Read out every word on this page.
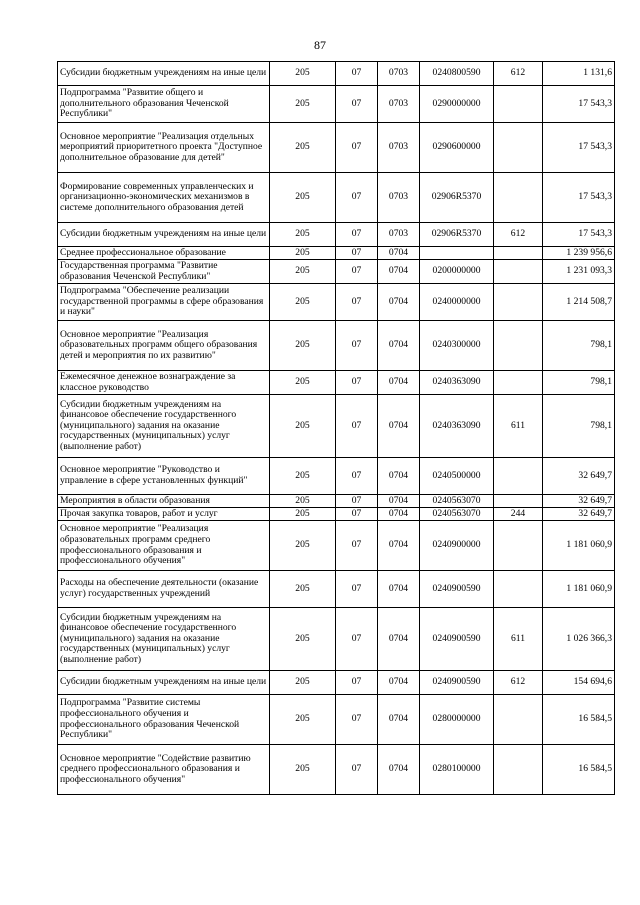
87
Субсидии бюджетным учреждениям на иные цели	205	07	0703	0240800590	612	1 131,6
Подпрограмма "Развитие общего и дополнительного образования Чеченской Республики"	205	07	0703	0290000000		17 543,3
Основное мероприятие "Реализация отдельных мероприятий приоритетного проекта "Доступное дополнительное образование для детей"	205	07	0703	0290600000		17 543,3
Формирование современных управленческих и организационно-экономических механизмов в системе дополнительного образования детей	205	07	0703	02906R5370		17 543,3
Субсидии бюджетным учреждениям на иные цели	205	07	0703	02906R5370	612	17 543,3
Среднее профессиональное образование	205	07	0704			1 239 956,6
Государственная программа "Развитие образования Чеченской Республики"	205	07	0704	0200000000		1 231 093,3
Подпрограмма "Обеспечение реализации государственной программы в сфере образования и науки"	205	07	0704	0240000000		1 214 508,7
Основное мероприятие "Реализация образовательных программ общего образования детей и мероприятия по их развитию"	205	07	0704	0240300000		798,1
Ежемесячное денежное вознаграждение за классное руководство	205	07	0704	0240363090		798,1
Субсидии бюджетным учреждениям на финансовое обеспечение государственного (муниципального) задания на оказание государственных (муниципальных) услуг (выполнение работ)	205	07	0704	0240363090	611	798,1
Основное мероприятие "Руководство и управление в сфере установленных функций"	205	07	0704	0240500000		32 649,7
Мероприятия в области образования	205	07	0704	0240563070		32 649,7
Прочая закупка товаров, работ и услуг	205	07	0704	0240563070	244	32 649,7
Основное мероприятие "Реализация образовательных программ среднего профессионального образования и профессионального обучения"	205	07	0704	0240900000		1 181 060,9
Расходы на обеспечение деятельности (оказание услуг) государственных учреждений	205	07	0704	0240900590		1 181 060,9
Субсидии бюджетным учреждениям на финансовое обеспечение государственного (муниципального) задания на оказание государственных (муниципальных) услуг (выполнение работ)	205	07	0704	0240900590	611	1 026 366,3
Субсидии бюджетным учреждениям на иные цели	205	07	0704	0240900590	612	154 694,6
Подпрограмма "Развитие системы профессионального обучения и профессионального образования Чеченской Республики"	205	07	0704	0280000000		16 584,5
Основное мероприятие "Содействие развитию среднего профессионального образования и профессионального обучения"	205	07	0704	0280100000		16 584,5
